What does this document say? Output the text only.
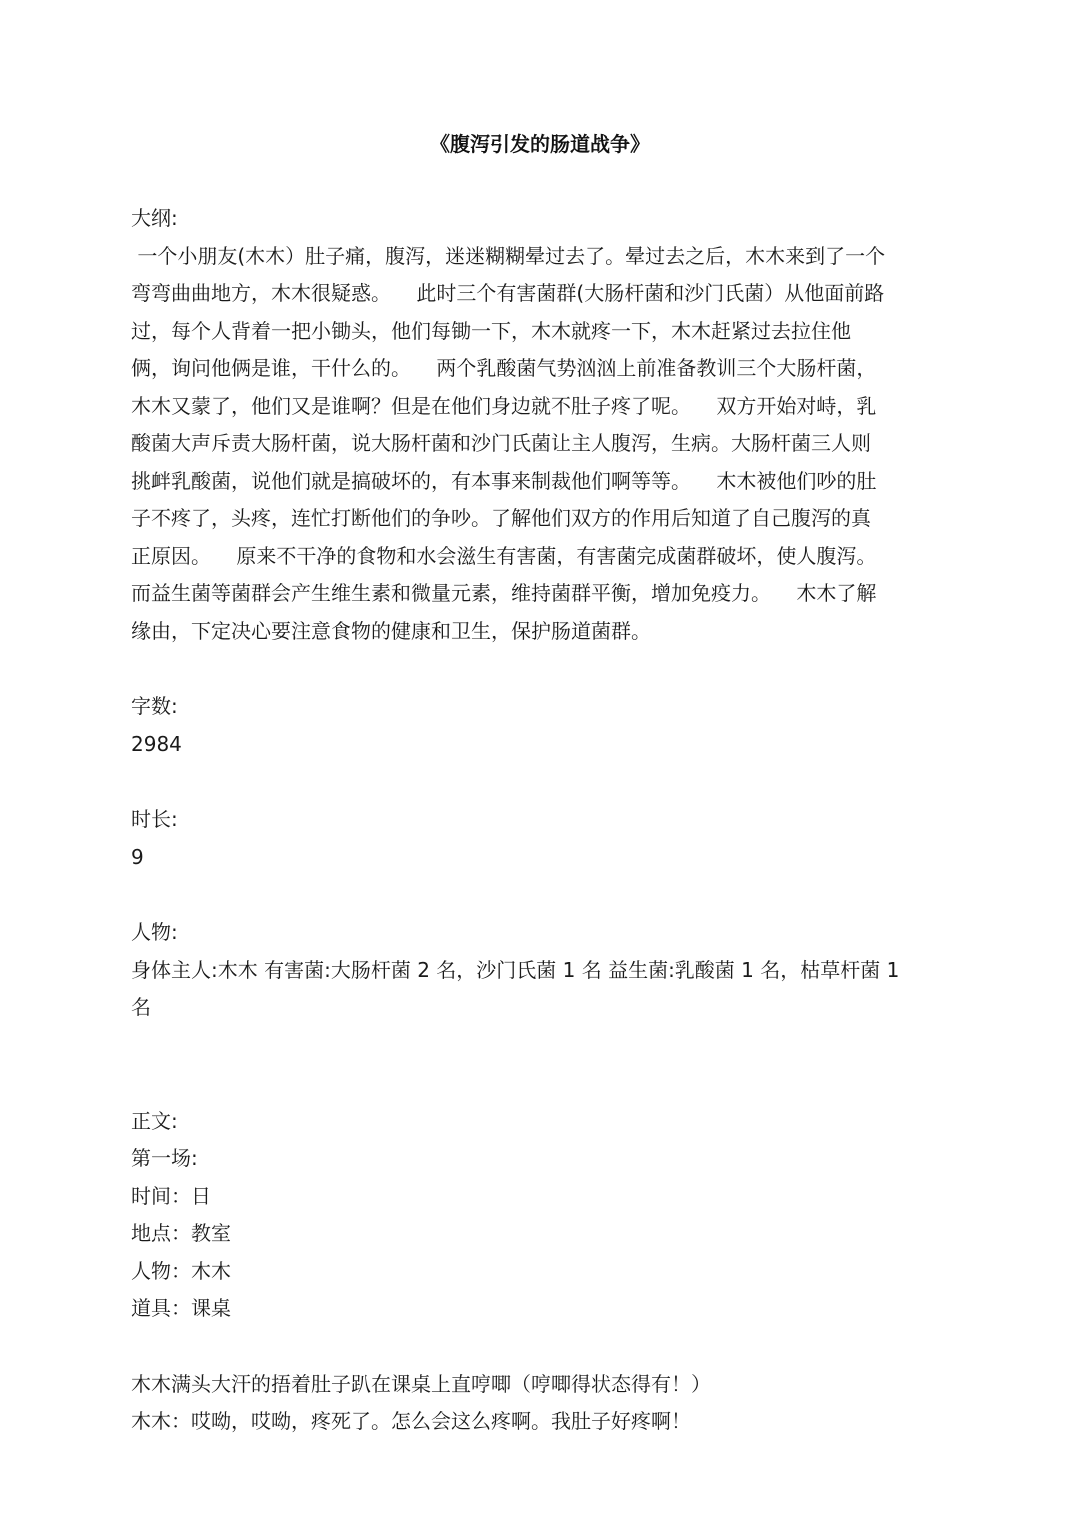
《腹泻引发的肠道战争》
大纲:
一个小朋友(木木）肚子痛，腹泻，迷迷糊糊晕过去了。晕过去之后，木木来到了一个
弯弯曲曲地方，木木很疑惑。    此时三个有害菌群(大肠杆菌和沙门氏菌）从他面前路
过，每个人背着一把小锄头，他们每锄一下，木木就疼一下，木木赶紧过去拉住他
俩，询问他俩是谁，干什么的。    两个乳酸菌气势汹汹上前准备教训三个大肠杆菌，
木木又蒙了，他们又是谁啊？但是在他们身边就不肚子疼了呢。    双方开始对峙，乳
酸菌大声斥责大肠杆菌，说大肠杆菌和沙门氏菌让主人腹泻，生病。大肠杆菌三人则
挑衅乳酸菌，说他们就是搞破坏的，有本事来制裁他们啊等等。    木木被他们吵的肚
子不疼了，头疼，连忙打断他们的争吵。了解他们双方的作用后知道了自己腹泻的真
正原因。    原来不干净的食物和水会滋生有害菌，有害菌完成菌群破坏，使人腹泻。
而益生菌等菌群会产生维生素和微量元素，维持菌群平衡，增加免疫力。    木木了解
缘由，下定决心要注意食物的健康和卫生，保护肠道菌群。
字数:
2984
时长:
9
人物:
身体主人:木木 有害菌:大肠杆菌 2 名，沙门氏菌 1 名 益生菌:乳酸菌 1 名，枯草杆菌 1
名
正文:
第一场:
时间：日
地点：教室
人物：木木
道具：课桌
木木满头大汗的捂着肚子趴在课桌上直哼唧（哼唧得状态得有！）
木木：哎呦，哎呦，疼死了。怎么会这么疼啊。我肚子好疼啊！
